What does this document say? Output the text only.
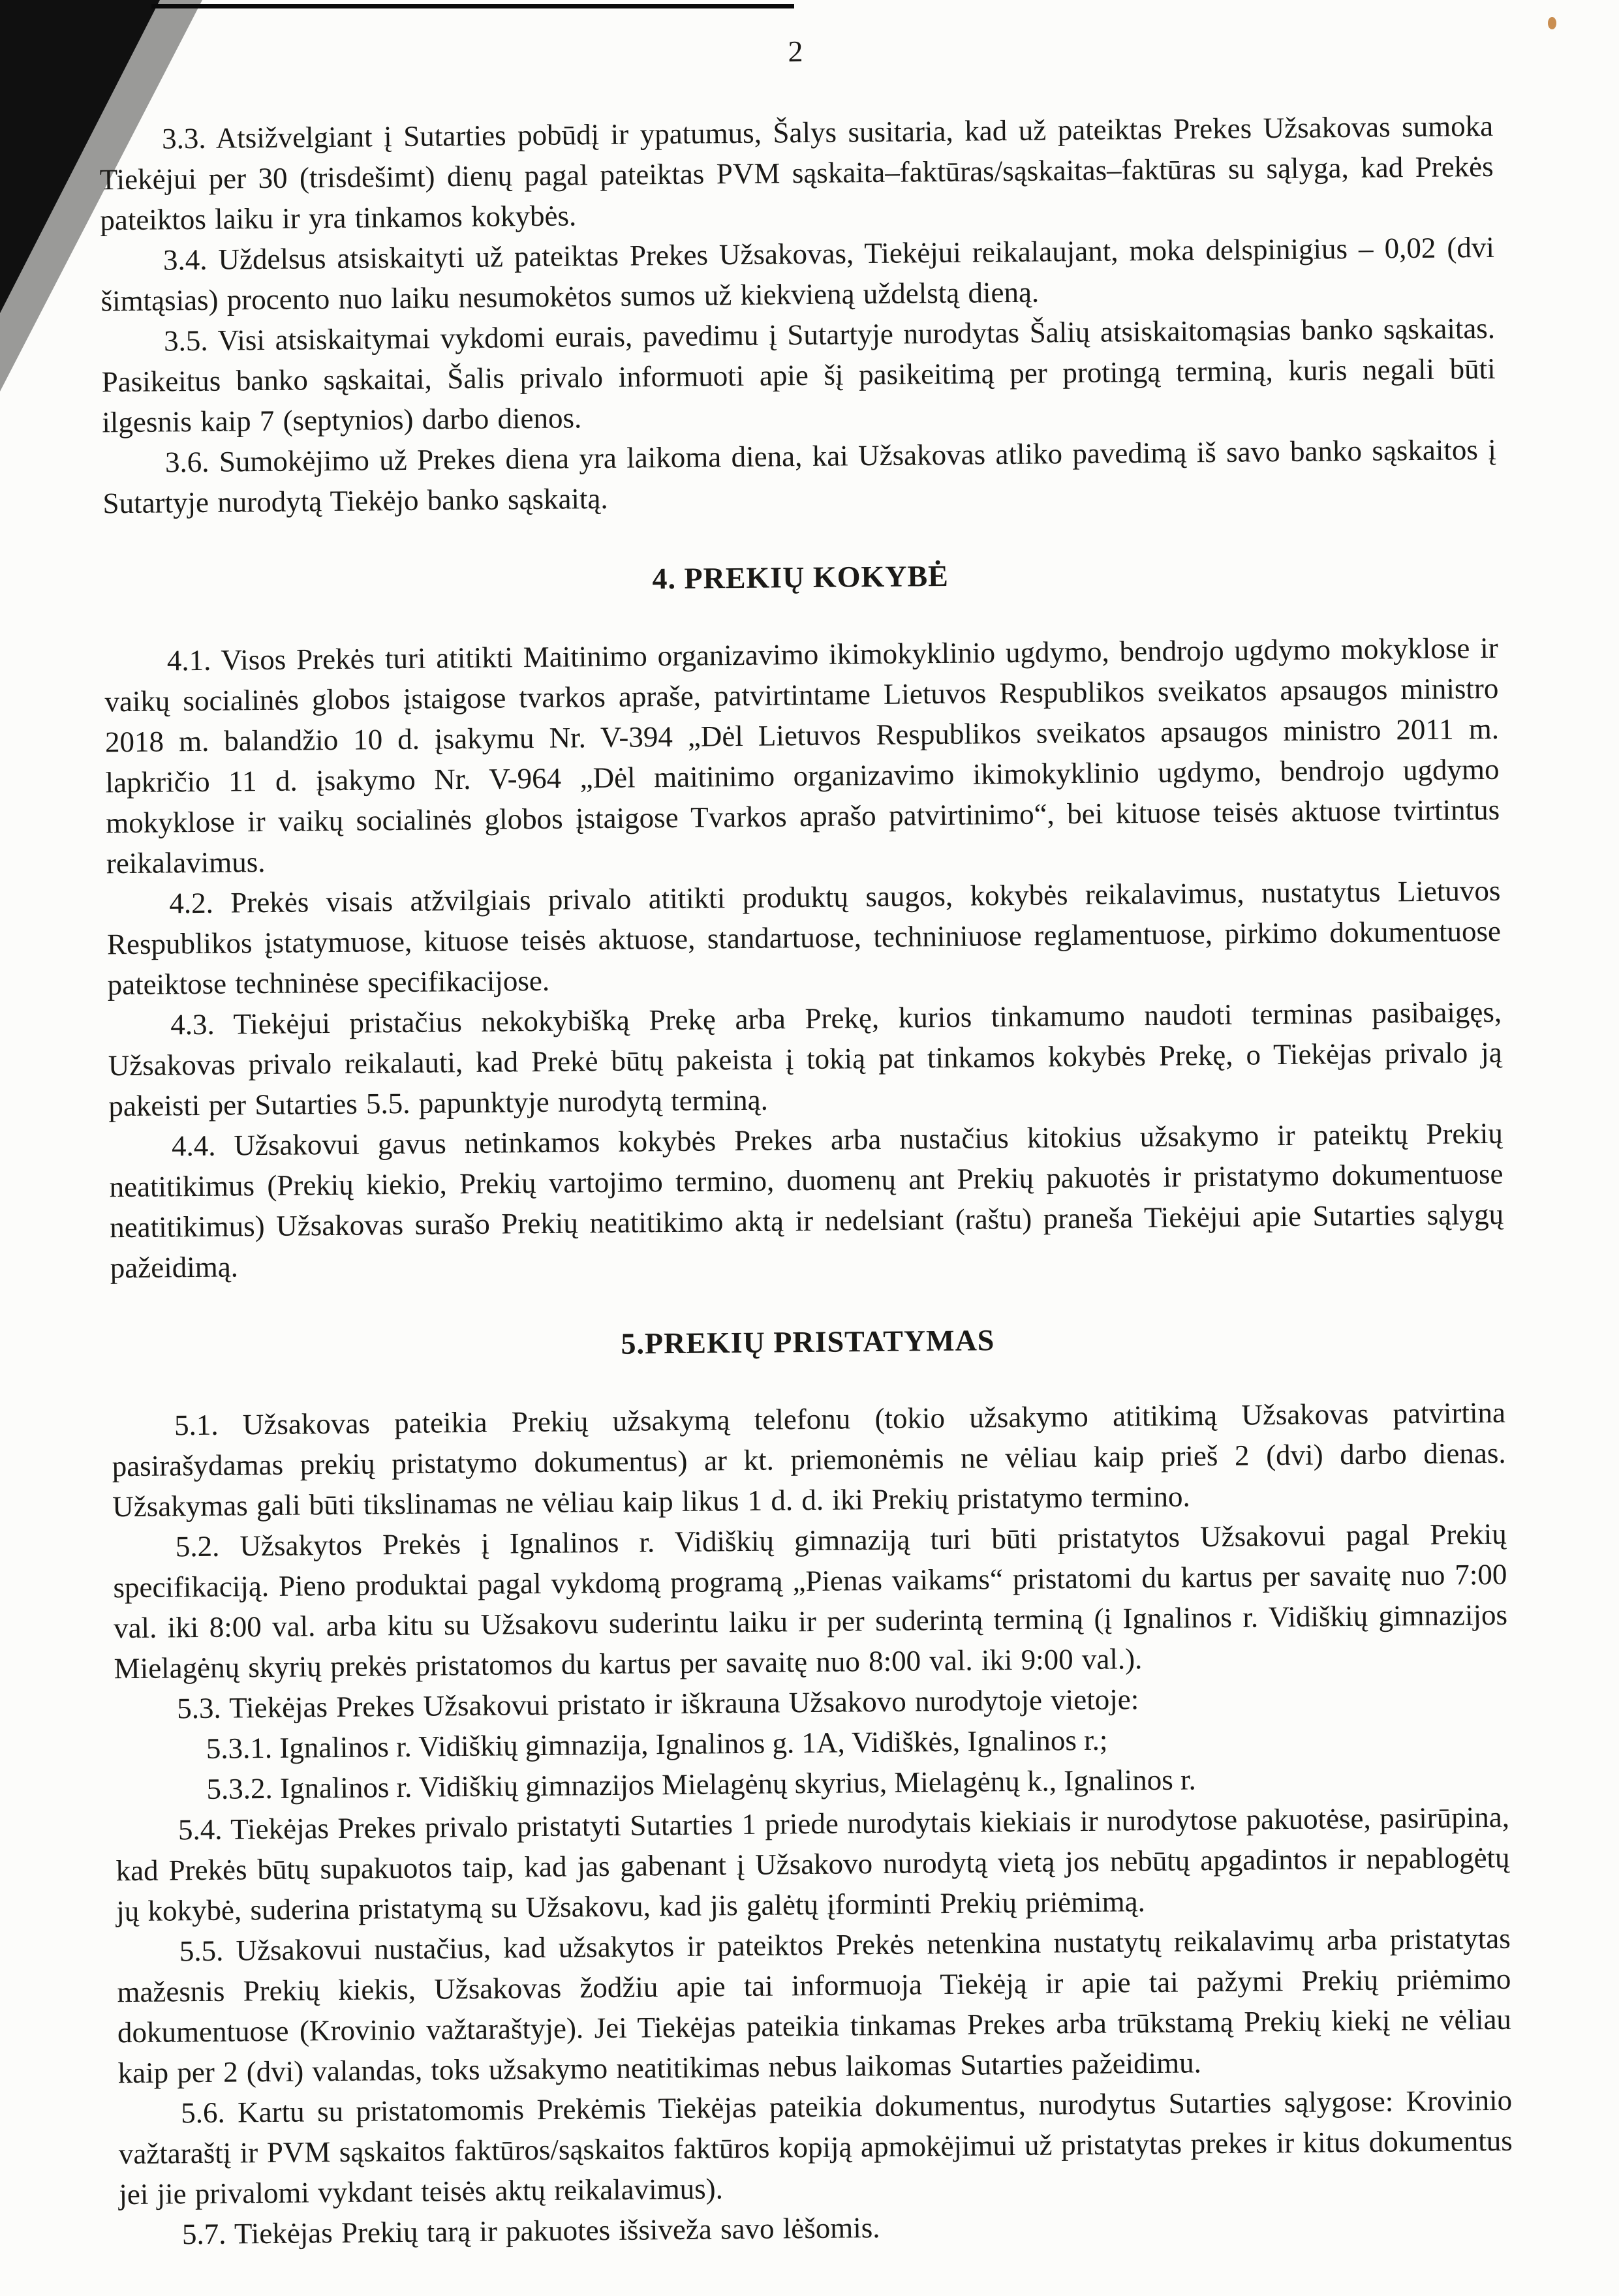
2

3.3. Atsižvelgiant į Sutarties pobūdį ir ypatumus, Šalys susitaria, kad už pateiktas Prekes Užsakovas sumoka Tiekėjui per 30 (trisdešimt) dienų pagal pateiktas PVM sąskaita–faktūras/sąskaitas–faktūras su sąlyga, kad Prekės pateiktos laiku ir yra tinkamos kokybės.

3.4. Uždelsus atsiskaityti už pateiktas Prekes Užsakovas, Tiekėjui reikalaujant, moka delspinigius – 0,02 (dvi šimtąsias) procento nuo laiku nesumokėtos sumos už kiekvieną uždelstą dieną.

3.5. Visi atsiskaitymai vykdomi eurais, pavedimu į Sutartyje nurodytas Šalių atsiskaitomąsias banko sąskaitas. Pasikeitus banko sąskaitai, Šalis privalo informuoti apie šį pasikeitimą per protingą terminą, kuris negali būti ilgesnis kaip 7 (septynios) darbo dienos.

3.6. Sumokėjimo už Prekes diena yra laikoma diena, kai Užsakovas atliko pavedimą iš savo banko sąskaitos į Sutartyje nurodytą Tiekėjo banko sąskaitą.

4. PREKIŲ KOKYBĖ

4.1. Visos Prekės turi atitikti Maitinimo organizavimo ikimokyklinio ugdymo, bendrojo ugdymo mokyklose ir vaikų socialinės globos įstaigose tvarkos apraše, patvirtintame Lietuvos Respublikos sveikatos apsaugos ministro 2018 m. balandžio 10 d. įsakymu Nr. V-394 „Dėl Lietuvos Respublikos sveikatos apsaugos ministro 2011 m. lapkričio 11 d. įsakymo Nr. V-964 „Dėl maitinimo organizavimo ikimokyklinio ugdymo, bendrojo ugdymo mokyklose ir vaikų socialinės globos įstaigose Tvarkos aprašo patvirtinimo“, bei kituose teisės aktuose tvirtintus reikalavimus.

4.2. Prekės visais atžvilgiais privalo atitikti produktų saugos, kokybės reikalavimus, nustatytus Lietuvos Respublikos įstatymuose, kituose teisės aktuose, standartuose, techniniuose reglamentuose, pirkimo dokumentuose pateiktose techninėse specifikacijose.

4.3. Tiekėjui pristačius nekokybišką Prekę arba Prekę, kurios tinkamumo naudoti terminas pasibaigęs, Užsakovas privalo reikalauti, kad Prekė būtų pakeista į tokią pat tinkamos kokybės Prekę, o Tiekėjas privalo ją pakeisti per Sutarties 5.5. papunktyje nurodytą terminą.

4.4. Užsakovui gavus netinkamos kokybės Prekes arba nustačius kitokius užsakymo ir pateiktų Prekių neatitikimus (Prekių kiekio, Prekių vartojimo termino, duomenų ant Prekių pakuotės ir pristatymo dokumentuose neatitikimus) Užsakovas surašo Prekių neatitikimo aktą ir nedelsiant (raštu) praneša Tiekėjui apie Sutarties sąlygų pažeidimą.

5.PREKIŲ PRISTATYMAS

5.1. Užsakovas pateikia Prekių užsakymą telefonu (tokio užsakymo atitikimą Užsakovas patvirtina pasirašydamas prekių pristatymo dokumentus) ar kt. priemonėmis ne vėliau kaip prieš 2 (dvi) darbo dienas. Užsakymas gali būti tikslinamas ne vėliau kaip likus 1 d. d. iki Prekių pristatymo termino.

5.2. Užsakytos Prekės į Ignalinos r. Vidiškių gimnaziją turi būti pristatytos Užsakovui pagal Prekių specifikaciją. Pieno produktai pagal vykdomą programą „Pienas vaikams“ pristatomi du kartus per savaitę nuo 7:00 val. iki 8:00 val. arba kitu su Užsakovu suderintu laiku ir per suderintą terminą (į Ignalinos r. Vidiškių gimnazijos Mielagėnų skyrių prekės pristatomos du kartus per savaitę nuo 8:00 val. iki 9:00 val.).

5.3. Tiekėjas Prekes Užsakovui pristato ir iškrauna Užsakovo nurodytoje vietoje:

5.3.1. Ignalinos r. Vidiškių gimnazija, Ignalinos g. 1A, Vidiškės, Ignalinos r.;

5.3.2. Ignalinos r. Vidiškių gimnazijos Mielagėnų skyrius, Mielagėnų k., Ignalinos r.

5.4. Tiekėjas Prekes privalo pristatyti Sutarties 1 priede nurodytais kiekiais ir nurodytose pakuotėse, pasirūpina, kad Prekės būtų supakuotos taip, kad jas gabenant į Užsakovo nurodytą vietą jos nebūtų apgadintos ir nepablogėtų jų kokybė, suderina pristatymą su Užsakovu, kad jis galėtų įforminti Prekių priėmimą.

5.5. Užsakovui nustačius, kad užsakytos ir pateiktos Prekės netenkina nustatytų reikalavimų arba pristatytas mažesnis Prekių kiekis, Užsakovas žodžiu apie tai informuoja Tiekėją ir apie tai pažymi Prekių priėmimo dokumentuose (Krovinio važtaraštyje). Jei Tiekėjas pateikia tinkamas Prekes arba trūkstamą Prekių kiekį ne vėliau kaip per 2 (dvi) valandas, toks užsakymo neatitikimas nebus laikomas Sutarties pažeidimu.

5.6. Kartu su pristatomomis Prekėmis Tiekėjas pateikia dokumentus, nurodytus Sutarties sąlygose: Krovinio važtaraštį ir PVM sąskaitos faktūros/sąskaitos faktūros kopiją apmokėjimui už pristatytas prekes ir kitus dokumentus jei jie privalomi vykdant teisės aktų reikalavimus).

5.7. Tiekėjas Prekių tarą ir pakuotes išsiveža savo lėšomis.
